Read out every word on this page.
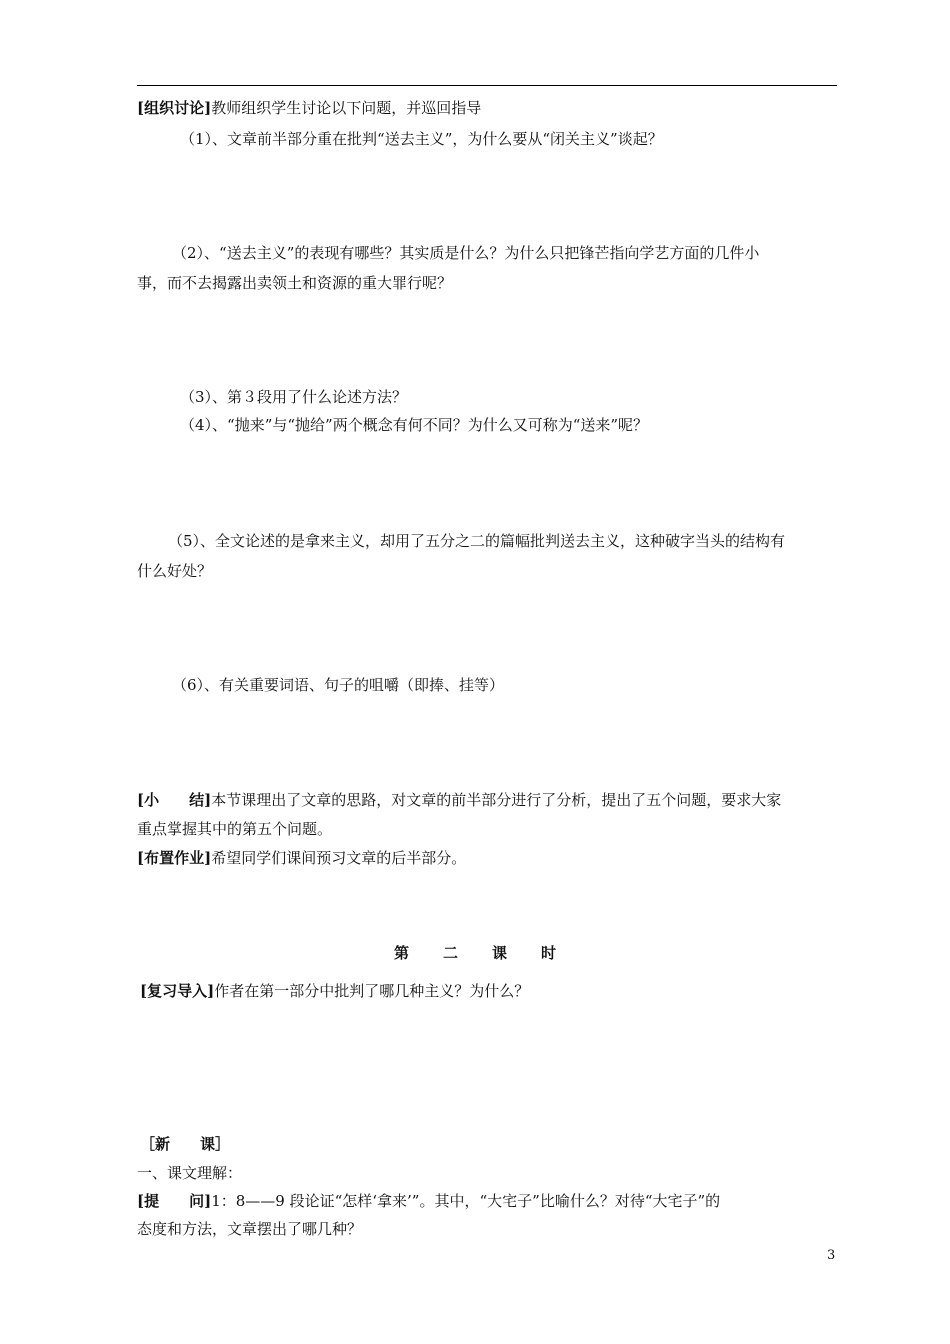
[组织讨论]教师组织学生讨论以下问题，并巡回指导
（1）、文章前半部分重在批判“送去主义”，为什么要从“闭关主义”谈起？
（2）、“送去主义”的表现有哪些？其实质是什么？为什么只把锋芒指向学艺方面的几件小
事，而不去揭露出卖领土和资源的重大罪行呢？
（3）、第３段用了什么论述方法？
（4）、“抛来”与“抛给”两个概念有何不同？为什么又可称为“送来”呢？
（5）、全文论述的是拿来主义，却用了五分之二的篇幅批判送去主义，这种破字当头的结构有
什么好处？
（6）、有关重要词语、句子的咀嚼（即捧、挂等）
[小　　结]本节课理出了文章的思路，对文章的前半部分进行了分析，提出了五个问题，要求大家
重点掌握其中的第五个问题。
[布置作业]希望同学们课间预习文章的后半部分。
第二课时
[复习导入]作者在第一部分中批判了哪几种主义？为什么？
［新　　课］
一、课文理解：
[提　　问]1：8——9 段论证“怎样‘拿来’”。其中，“大宅子”比喻什么？对待“大宅子”的
态度和方法，文章摆出了哪几种？
3
